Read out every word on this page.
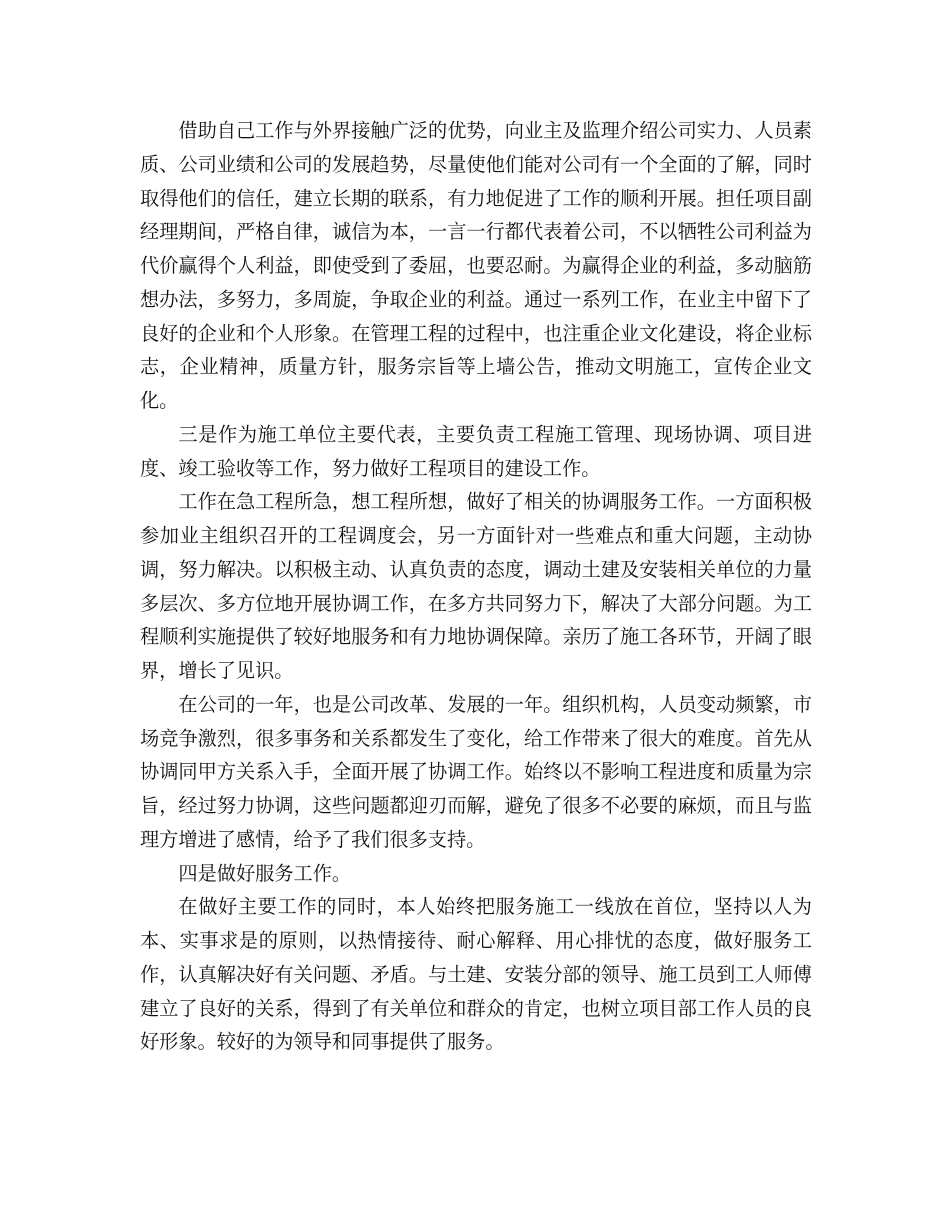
借助自己工作与外界接触广泛的优势，向业主及监理介绍公司实力、人员素质、公司业绩和公司的发展趋势，尽量使他们能对公司有一个全面的了解，同时取得他们的信任，建立长期的联系，有力地促进了工作的顺利开展。担任项目副经理期间，严格自律，诚信为本，一言一行都代表着公司，不以牺牲公司利益为代价赢得个人利益，即使受到了委屈，也要忍耐。为赢得企业的利益，多动脑筋想办法，多努力，多周旋，争取企业的利益。通过一系列工作，在业主中留下了良好的企业和个人形象。在管理工程的过程中，也注重企业文化建设，将企业标志，企业精神，质量方针，服务宗旨等上墙公告，推动文明施工，宣传企业文化。

三是作为施工单位主要代表，主要负责工程施工管理、现场协调、项目进度、竣工验收等工作，努力做好工程项目的建设工作。

工作在急工程所急，想工程所想，做好了相关的协调服务工作。一方面积极参加业主组织召开的工程调度会，另一方面针对一些难点和重大问题，主动协调，努力解决。以积极主动、认真负责的态度，调动土建及安装相关单位的力量多层次、多方位地开展协调工作，在多方共同努力下，解决了大部分问题。为工程顺利实施提供了较好地服务和有力地协调保障。亲历了施工各环节，开阔了眼界，增长了见识。

在公司的一年，也是公司改革、发展的一年。组织机构，人员变动频繁，市场竞争激烈，很多事务和关系都发生了变化，给工作带来了很大的难度。首先从协调同甲方关系入手，全面开展了协调工作。始终以不影响工程进度和质量为宗旨，经过努力协调，这些问题都迎刃而解，避免了很多不必要的麻烦，而且与监理方增进了感情，给予了我们很多支持。

四是做好服务工作。

在做好主要工作的同时，本人始终把服务施工一线放在首位，坚持以人为本、实事求是的原则，以热情接待、耐心解释、用心排忧的态度，做好服务工作，认真解决好有关问题、矛盾。与土建、安装分部的领导、施工员到工人师傅建立了良好的关系，得到了有关单位和群众的肯定，也树立项目部工作人员的良好形象。较好的为领导和同事提供了服务。
